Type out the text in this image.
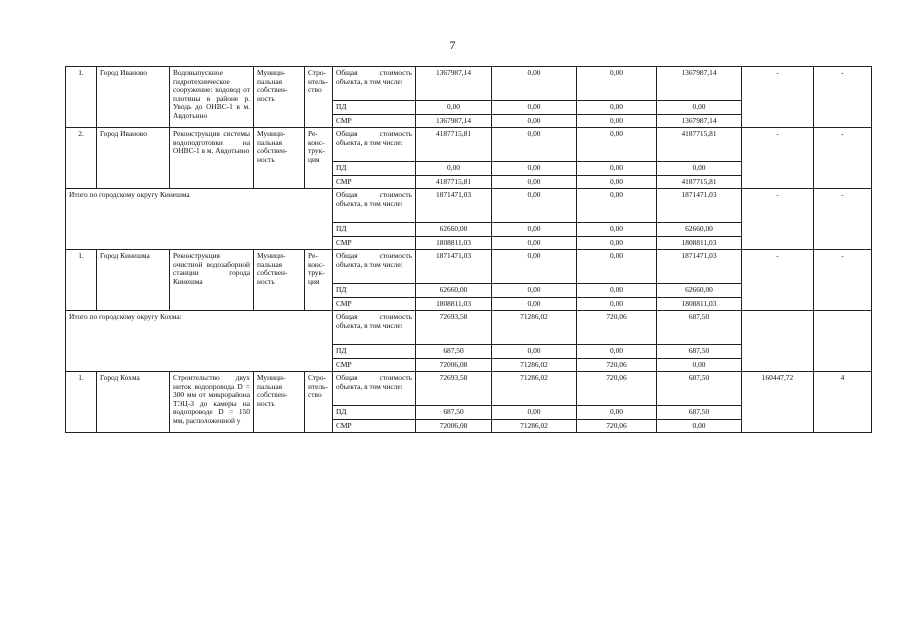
7
1.	Город Иваново	Водовыпускное гидротехническое сооружение: водовод от плотины в районе р. Уводь до ОНВС-1 в м. Авдотьино	Муници-пальная собствен-ность	Стро-итель-ство	Общая стоимость объекта, в том числе:	1367987,14	0,00	0,00	1367987,14	-	-
					ПД	0,00	0,00	0,00	0,00		
					СМР	1367987,14	0,00	0,00	1367987,14		
2.	Город Иваново	Реконструкция системы водоподготовки на ОНВС-1 в м. Авдотьино	Муници-пальная собствен-ность	Ре-конс-трук-ция	Общая стоимость объекта, в том числе:	4187715,81	0,00	0,00	4187715,81	-	-
					ПД	0,00	0,00	0,00	0,00		
					СМР	4187715,81	0,00	0,00	4187715,81		
Итого по городскому округу Кинешма					Общая стоимость объекта, в том числе:	1871471,03	0,00	0,00	1871471,03	-	-
					ПД	62660,00	0,00	0,00	62660,00		
					СМР	1808811,03	0,00	0,00	1808811,03		
1.	Город Кинешма	Реконструкция очистной водозаборной станции города Кинешма	Муници-пальная собствен-ность	Ре-конс-трук-ция	Общая стоимость объекта, в том числе:	1871471,03	0,00	0,00	1871471,03	-	-
					ПД	62660,00	0,00	0,00	62660,00		
					СМР	1808811,03	0,00	0,00	1808811,03		
Итого по городскому округу Кохма:					Общая стоимость объекта, в том числе:	72693,58	71286,02	720,06	687,50		
					ПД	687,50	0,00	0,00	687,50		
					СМР	72006,08	71286,02	720,06	0,00		
1.	Город Кохма	Строительство двух ниток водопровода D = 300 мм от микрорайона ТЭЦ-3 до камеры на водопроводе D = 150 мм, расположенной у	Муници-пальная собствен-ность	Стро-итель-ство	Общая стоимость объекта, в том числе:	72693,58	71286,02	720,06	687,50	160447,72	4
					ПД	687,50	0,00	0,00	687,50		
					СМР	72006,08	71286,02	720,06	0,00		
